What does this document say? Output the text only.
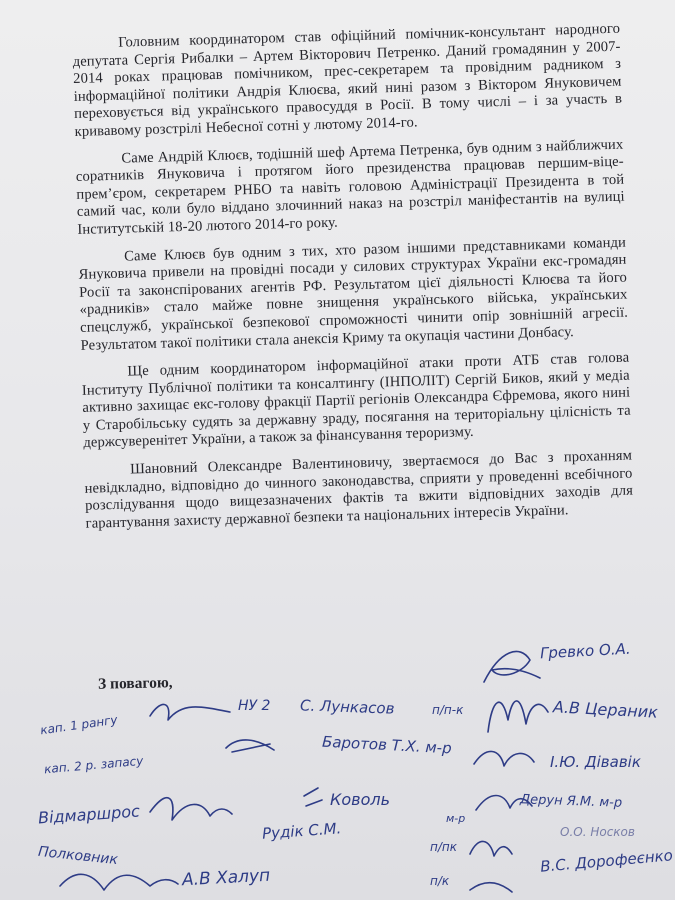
Головним координатором став офіційний помічник-консультант народного депутата Сергія Рибалки – Артем Вікторович Петренко. Даний громадянин у 2007-2014 роках працював помічником, прес-секретарем та провідним радником з інформаційної політики Андрія Клюєва, який нині разом з Віктором Януковичем переховується від українського правосуддя в Росії. В тому числі – і за участь в кривавому розстрілі Небесної сотні у лютому 2014-го.

Саме Андрій Клюєв, тодішній шеф Артема Петренка, був одним з найближчих соратників Януковича і протягом його президенства працював першим-віце-прем’єром, секретарем РНБО та навіть головою Адміністрації Президента в той самий час, коли було віддано злочинний наказ на розстріл маніфестантів на вулиці Інститутській 18-20 лютого 2014-го року.

Саме Клюєв був одним з тих, хто разом іншими представниками команди Януковича привели на провідні посади у силових структурах України екс-громадян Росії та законспірованих агентів РФ. Результатом цієї діяльності Клюєва та його «радників» стало майже повне знищення українського війська, українських спецслужб, української безпекової спроможності чинити опір зовнішній агресії. Результатом такої політики стала анексія Криму та окупація частини Донбасу.

Ще одним координатором інформаційної атаки проти АТБ став голова Інституту Публічної політики та консалтингу (ІНПОЛІТ) Сергій Биков, який у медіа активно захищає екс-голову фракції Партії регіонів Олександра Єфремова, якого нині у Старобільську судять за державну зраду, посягання на територіальну цілісність та держсуверенітет України, а також за фінансування тероризму.

Шановний Олександре Валентиновичу, звертаємося до Вас з проханням невідкладно, відповідно до чинного законодавства, сприяти у проведенні всебічного розслідування щодо вищезазначених фактів та вжити відповідних заходів для гарантування захисту державної безпеки та національних інтересів України.

З повагою,
Гревко О.А.
А.В Цераник
п/п-к
С. Лункасов
НУ 2
кап. 1 рангу
Баротов Т.Х. м-р
кап. 2 р. запасу	І.Ю. Дівавік
Коволь
Відмаршрос	м-р
Дерун Я.М. м-р
О.О. Носков
Рудік С.М.
Полковник	п/пк	В.С. Дорофеєнко
А.В Халуп	п/к
